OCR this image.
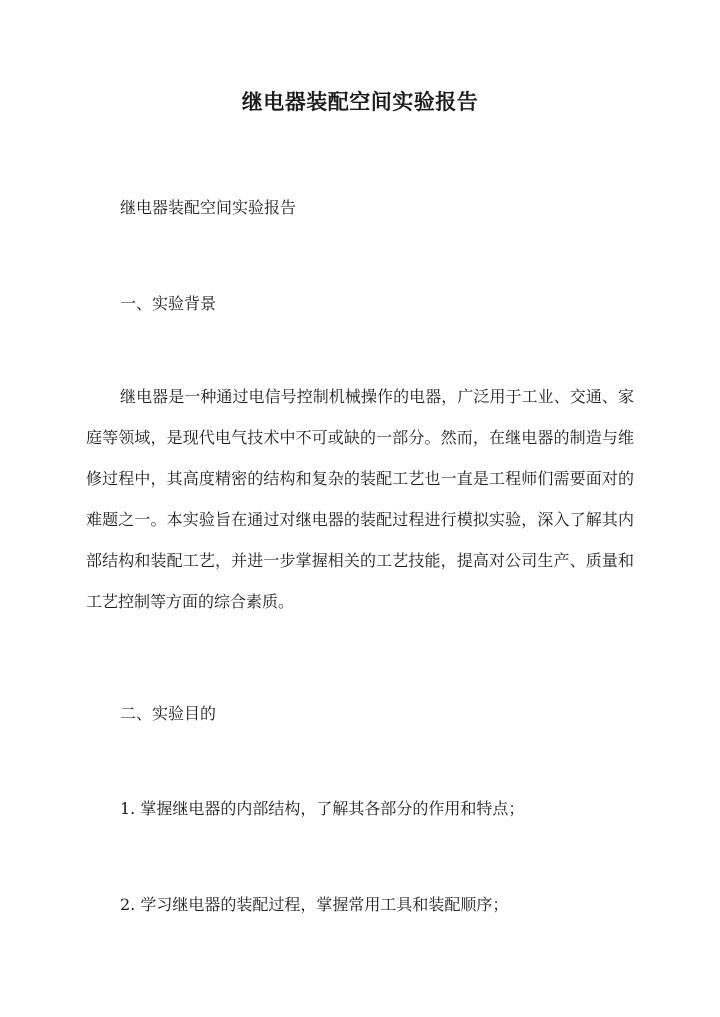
继电器装配空间实验报告
继电器装配空间实验报告
一、实验背景
继电器是一种通过电信号控制机械操作的电器，广泛用于工业、交通、家庭等领域，是现代电气技术中不可或缺的一部分。然而，在继电器的制造与维修过程中，其高度精密的结构和复杂的装配工艺也一直是工程师们需要面对的难题之一。本实验旨在通过对继电器的装配过程进行模拟实验，深入了解其内部结构和装配工艺，并进一步掌握相关的工艺技能，提高对公司生产、质量和工艺控制等方面的综合素质。
二、实验目的
1. 掌握继电器的内部结构，了解其各部分的作用和特点；
2. 学习继电器的装配过程，掌握常用工具和装配顺序；
